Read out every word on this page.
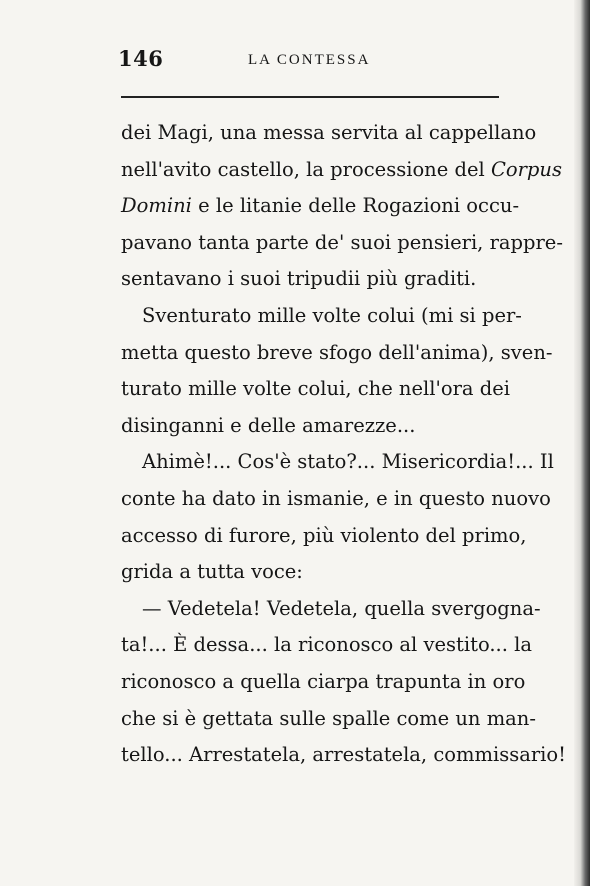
146	LA CONTESSA
dei Magi, una messa servita al cappellano
nell'avito castello, la processione del Corpus
Domini e le litanie delle Rogazioni occu-
pavano tanta parte de' suoi pensieri, rappre-
sentavano i suoi tripudii più graditi.
Sventurato mille volte colui (mi si per-
metta questo breve sfogo dell'anima), sven-
turato mille volte colui, che nell'ora dei
disinganni e delle amarezze...
Ahimè!... Cos'è stato?... Misericordia!... Il
conte ha dato in ismanie, e in questo nuovo
accesso di furore, più violento del primo,
grida a tutta voce:
— Vedetela! Vedetela, quella svergogna-
ta!... È dessa... la riconosco al vestito... la
riconosco a quella ciarpa trapunta in oro
che si è gettata sulle spalle come un man-
tello... Arrestatela, arrestatela, commissario!
